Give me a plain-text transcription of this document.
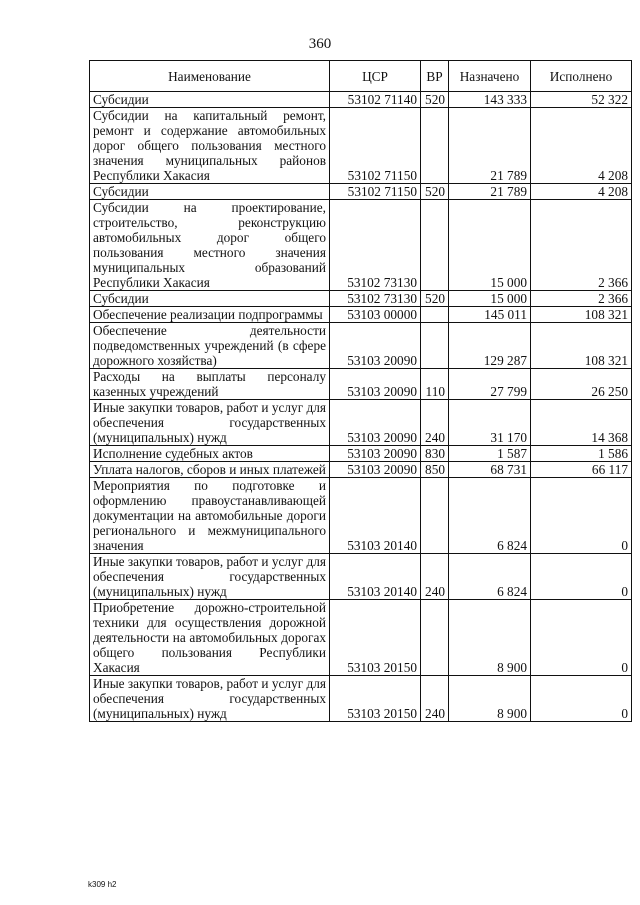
360
Наименование	ЦСР	ВР	Назначено	Исполнено
Субсидии	53102 71140	520	143 333	52 322
Субсидии на капитальный ремонт, ремонт и содержание автомобильных дорог общего пользования местного значения муниципальных районов Республики Хакасия	53102 71150		21 789	4 208
Субсидии	53102 71150	520	21 789	4 208
Субсидии на проектирование, строительство, реконструкцию автомобильных дорог общего пользования местного значения муниципальных образований Республики Хакасия	53102 73130		15 000	2 366
Субсидии	53102 73130	520	15 000	2 366
Обеспечение реализации подпрограммы	53103 00000		145 011	108 321
Обеспечение деятельности подведомственных учреждений (в сфере дорожного хозяйства)	53103 20090		129 287	108 321
Расходы на выплаты персоналу казенных учреждений	53103 20090	110	27 799	26 250
Иные закупки товаров, работ и услуг для обеспечения государственных (муниципальных) нужд	53103 20090	240	31 170	14 368
Исполнение судебных актов	53103 20090	830	1 587	1 586
Уплата налогов, сборов и иных платежей	53103 20090	850	68 731	66 117
Мероприятия по подготовке и оформлению правоустанавливающей документации на автомобильные дороги регионального и межмуниципального значения	53103 20140		6 824	0
Иные закупки товаров, работ и услуг для обеспечения государственных (муниципальных) нужд	53103 20140	240	6 824	0
Приобретение дорожно-строительной техники для осуществления дорожной деятельности на автомобильных дорогах общего пользования Республики Хакасия	53103 20150		8 900	0
Иные закупки товаров, работ и услуг для обеспечения государственных (муниципальных) нужд	53103 20150	240	8 900	0
k309 h2
